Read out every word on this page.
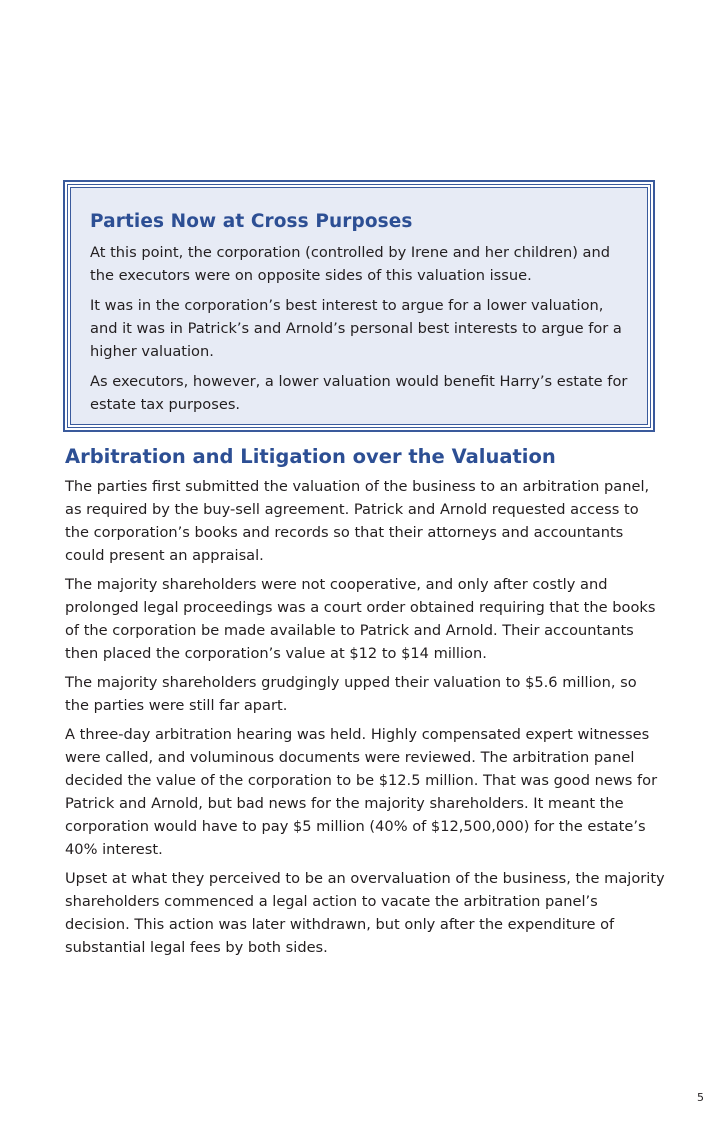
Parties Now at Cross Purposes

At this point, the corporation (controlled by Irene and her children) and the executors were on opposite sides of this valuation issue.

It was in the corporation’s best interest to argue for a lower valuation, and it was in Patrick’s and Arnold’s personal best interests to argue for a higher valuation.

As executors, however, a lower valuation would benefit Harry’s estate for estate tax purposes.

Arbitration and Litigation over the Valuation

The parties first submitted the valuation of the business to an arbitration panel, as required by the buy-sell agreement. Patrick and Arnold requested access to the corporation’s books and records so that their attorneys and accountants could present an appraisal.

The majority shareholders were not cooperative, and only after costly and prolonged legal proceedings was a court order obtained requiring that the books of the corporation be made available to Patrick and Arnold. Their accountants then placed the corporation’s value at $12 to $14 million.

The majority shareholders grudgingly upped their valuation to $5.6 million, so the parties were still far apart.

A three-day arbitration hearing was held. Highly compensated expert witnesses were called, and voluminous documents were reviewed. The arbitration panel decided the value of the corporation to be $12.5 million. That was good news for Patrick and Arnold, but bad news for the majority shareholders. It meant the corporation would have to pay $5 million (40% of $12,500,000) for the estate’s 40% interest.

Upset at what they perceived to be an overvaluation of the business, the majority shareholders commenced a legal action to vacate the arbitration panel’s decision. This action was later withdrawn, but only after the expenditure of substantial legal fees by both sides.

5
